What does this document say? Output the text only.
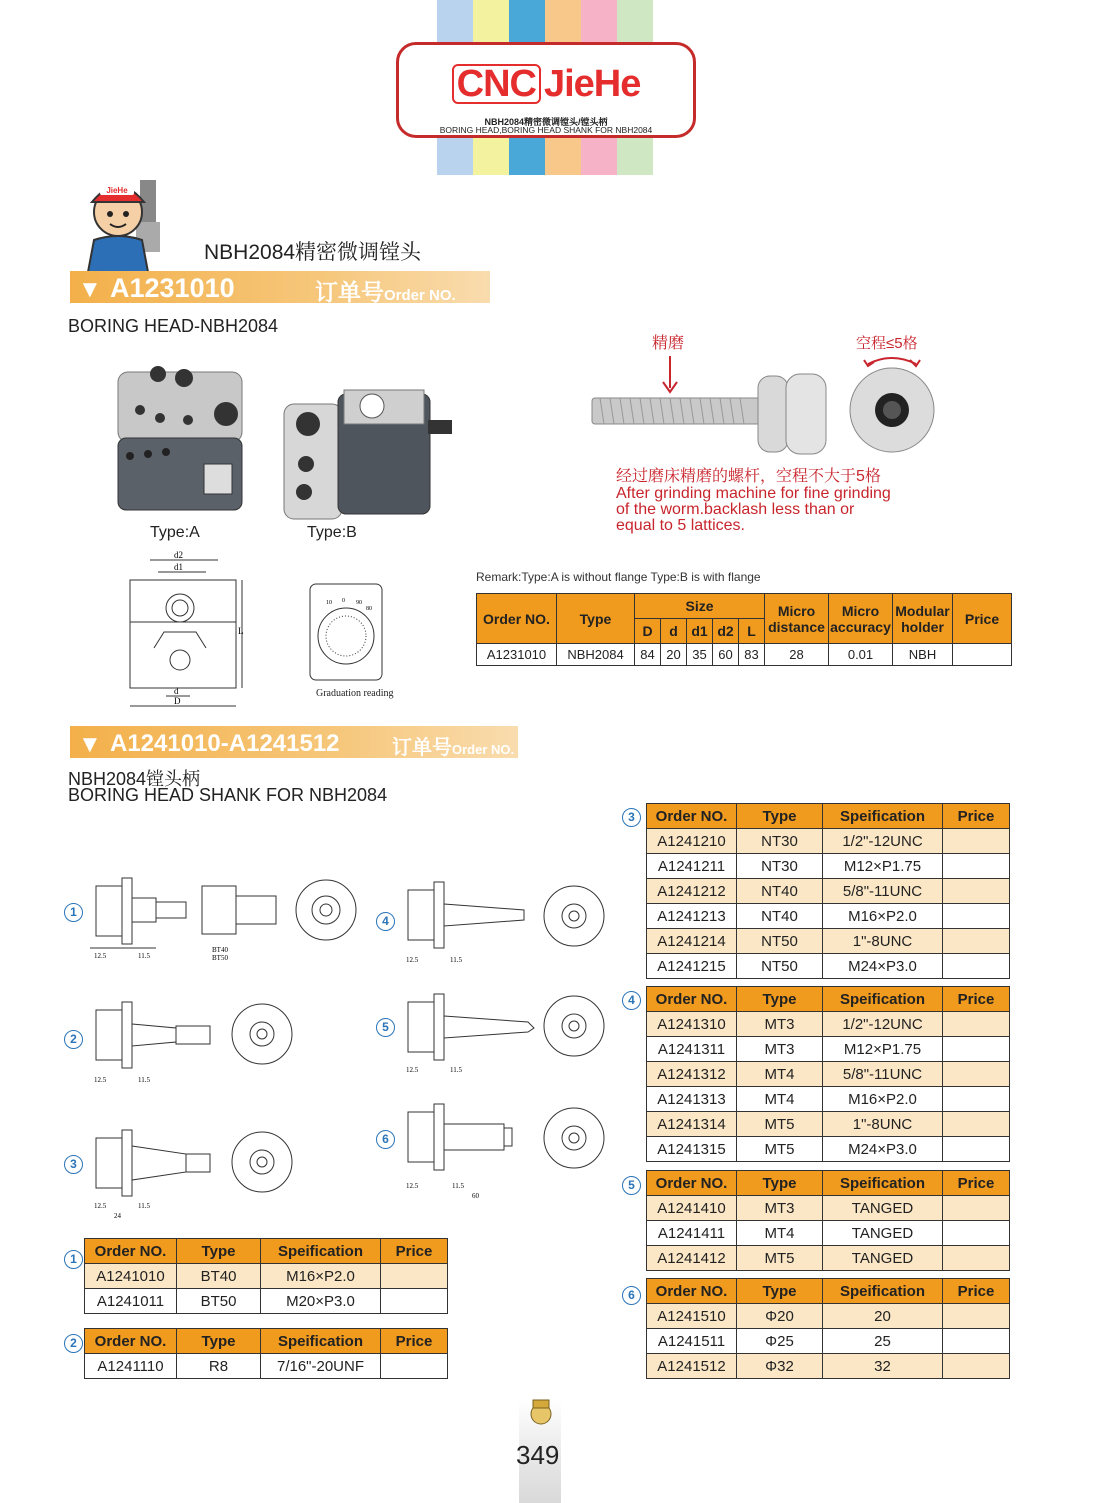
CNC JieHe
NBH2084精密微调镗头/镗头柄
BORING HEAD,BORING HEAD SHANK FOR NBH2084
JieHe
NBH2084精密微调镗头
▼ A1231010	订单号Order NO.
BORING HEAD-NBH2084
Type:A	Type:B
精磨	空程≤5格
经过磨床精磨的螺杆，空程不大于5格
After grinding machine for fine grinding
of the worm.backlash less than or
equal to 5 lattices.
d2
d1
L
d
D
10 0 90
80
Graduation reading
Remark:Type:A is without flange Type:B is with flange
Order NO.	Type	Size					Micro distance	Micro accuracy	Modular holder	Price
		D	d	d1	d2	L				
A1231010	NBH2084	84	20	35	60	83	28	0.01	NBH	
▼ A1241010-A1241512	订单号Order NO.
NBH2084镗头柄
BORING HEAD SHANK FOR NBH2084
1
12.5	11.5
BT40
BT50
2
12.5	11.5
3
12.5	11.5
24
4
12.5	11.5
5
12.5	11.5
6
12.5	11.5
60
1	Order NO.	Type	Speification	Price
A1241010	BT40	M16×P2.0	
A1241011	BT50	M20×P3.0	
2	Order NO.	Type	Speification	Price
A1241110	R8	7/16"-20UNF	
3	Order NO.	Type	Speification	Price
A1241210	NT30	1/2"-12UNC	
A1241211	NT30	M12×P1.75	
A1241212	NT40	5/8"-11UNC	
A1241213	NT40	M16×P2.0	
A1241214	NT50	1"-8UNC	
A1241215	NT50	M24×P3.0	
4	Order NO.	Type	Speification	Price
A1241310	MT3	1/2"-12UNC	
A1241311	MT3	M12×P1.75	
A1241312	MT4	5/8"-11UNC	
A1241313	MT4	M16×P2.0	
A1241314	MT5	1"-8UNC	
A1241315	MT5	M24×P3.0	
5	Order NO.	Type	Speification	Price
A1241410	MT3	TANGED	
A1241411	MT4	TANGED	
A1241412	MT5	TANGED	
6	Order NO.	Type	Speification	Price
A1241510	Φ20	20	
A1241511	Φ25	25	
A1241512	Φ32	32	
349
